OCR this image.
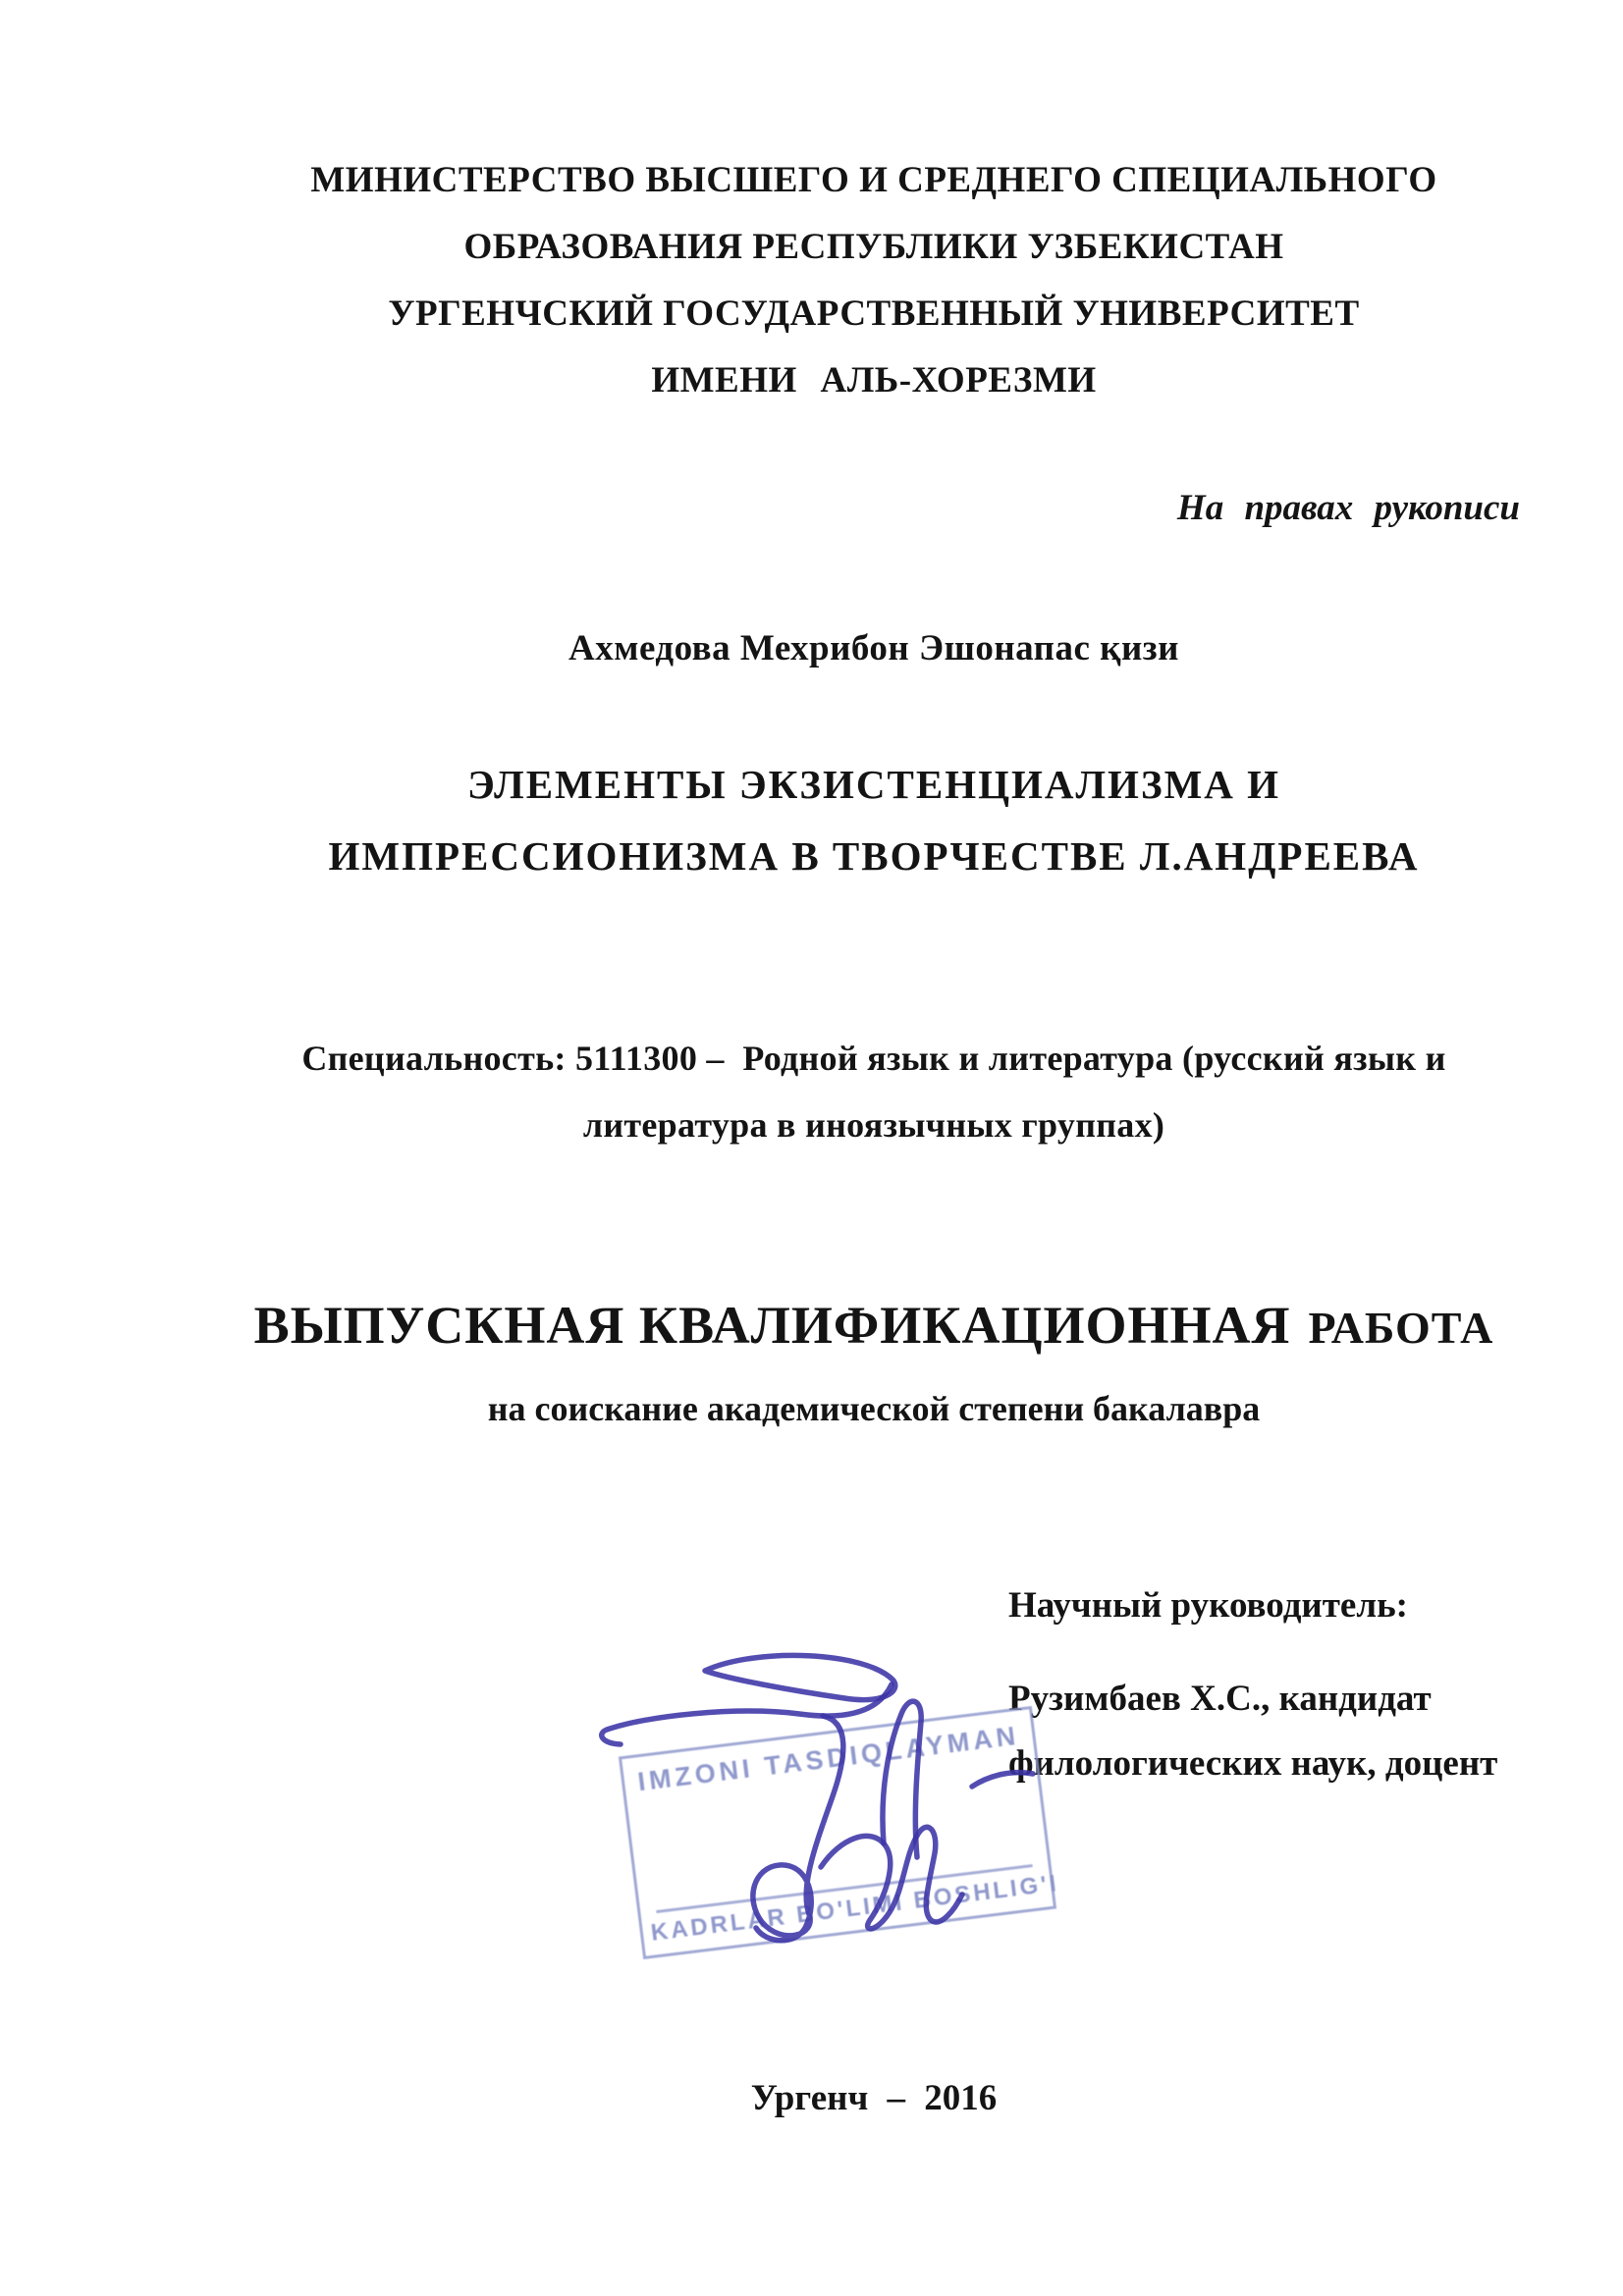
МИНИСТЕРСТВО ВЫСШЕГО И СРЕДНЕГО СПЕЦИАЛЬНОГО
ОБРАЗОВАНИЯ РЕСПУБЛИКИ УЗБЕКИСТАН
УРГЕНЧСКИЙ ГОСУДАРСТВЕННЫЙ УНИВЕРСИТЕТ
ИМЕНИ АЛЬ-ХОРЕЗМИ
На правах рукописи
Ахмедова Мехрибон Эшонапас қизи
ЭЛЕМЕНТЫ ЭКЗИСТЕНЦИАЛИЗМА И
ИМПРЕССИОНИЗМА В ТВОРЧЕСТВЕ Л.АНДРЕЕВА
Специальность: 5111300 –  Родной язык и литература (русский язык и
литература в иноязычных группах)
ВЫПУСКНАЯ КВАЛИФИКАЦИОННАЯ РАБОТА
на соискание академической степени бакалавра
Научный руководитель:
Рузимбаев Х.С., кандидат
филологических наук, доцент
IMZONI TASDIQLAYMAN
KADRLAR BO'LIMI BOSHLIG'I
Ургенч – 2016
